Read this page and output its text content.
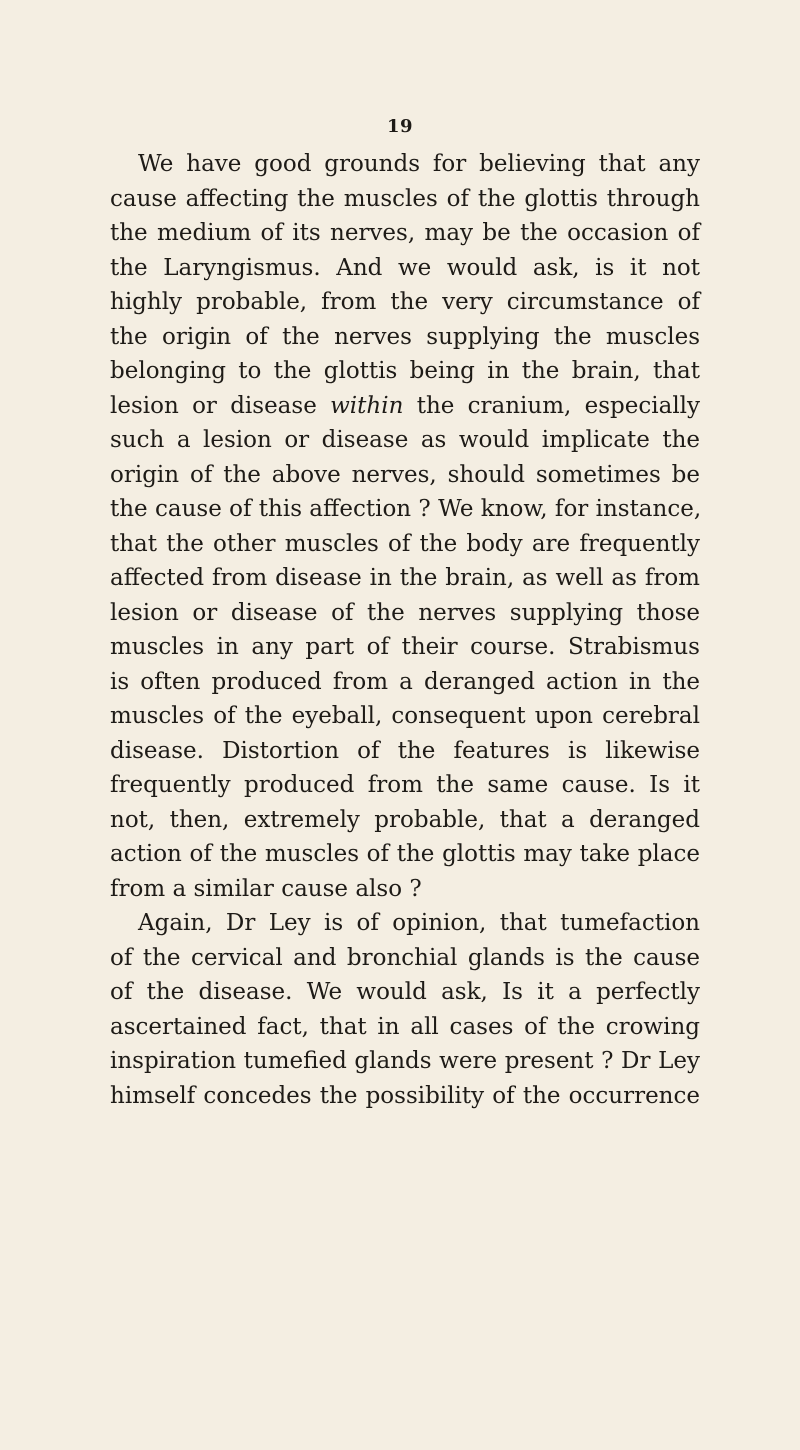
19
We have good grounds for believing that any
cause affecting the muscles of the glottis through
the medium of its nerves, may be the occasion of
the Laryngismus. And we would ask, is it not
highly probable, from the very circumstance of
the origin of the nerves supplying the muscles
belonging to the glottis being in the brain, that
lesion or disease within the cranium, especially
such a lesion or disease as would implicate the
origin of the above nerves, should sometimes be
the cause of this affection ? We know, for instance,
that the other muscles of the body are frequently
affected from disease in the brain, as well as from
lesion or disease of the nerves supplying those
muscles in any part of their course. Strabismus
is often produced from a deranged action in the
muscles of the eyeball, consequent upon cerebral
disease. Distortion of the features is likewise
frequently produced from the same cause. Is it
not, then, extremely probable, that a deranged
action of the muscles of the glottis may take place
from a similar cause also ?
Again, Dr Ley is of opinion, that tumefaction
of the cervical and bronchial glands is the cause
of the disease. We would ask, Is it a perfectly
ascertained fact, that in all cases of the crowing
inspiration tumefied glands were present ? Dr Ley
himself concedes the possibility of the occurrence
